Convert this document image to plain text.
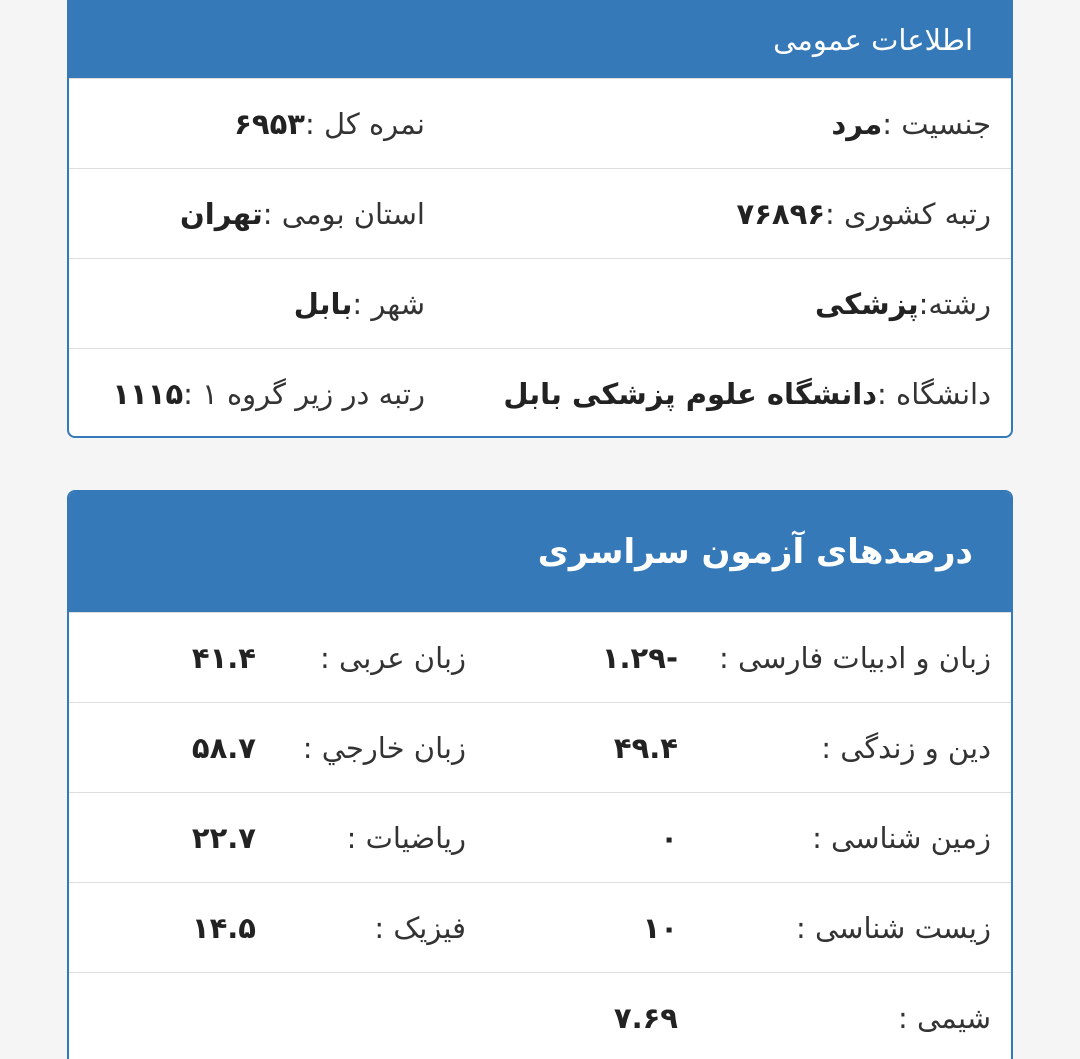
اطلاعات عمومی
جنسیت :
مرد
نمره کل :
۶۹۵۳
رتبه کشوری :
۷۶۸۹۶
استان بومی :
تهران
رشته:
پزشکی
شهر :
بابل
دانشگاه :
دانشگاه علوم پزشکی بابل
رتبه در زیر گروه ۱ :
۱۱۱۵
درصدهای آزمون سراسری
زبان و ادبیات فارسی :
-۱.۲۹
زبان عربی :
۴۱.۴
دین و زندگی :
۴۹.۴
زبان خارجي :
۵۸.۷
زمین شناسی :
۰
ریاضیات :
۲۲.۷
زیست شناسی :
۱۰
فیزیک :
۱۴.۵
شیمی :
۷.۶۹
